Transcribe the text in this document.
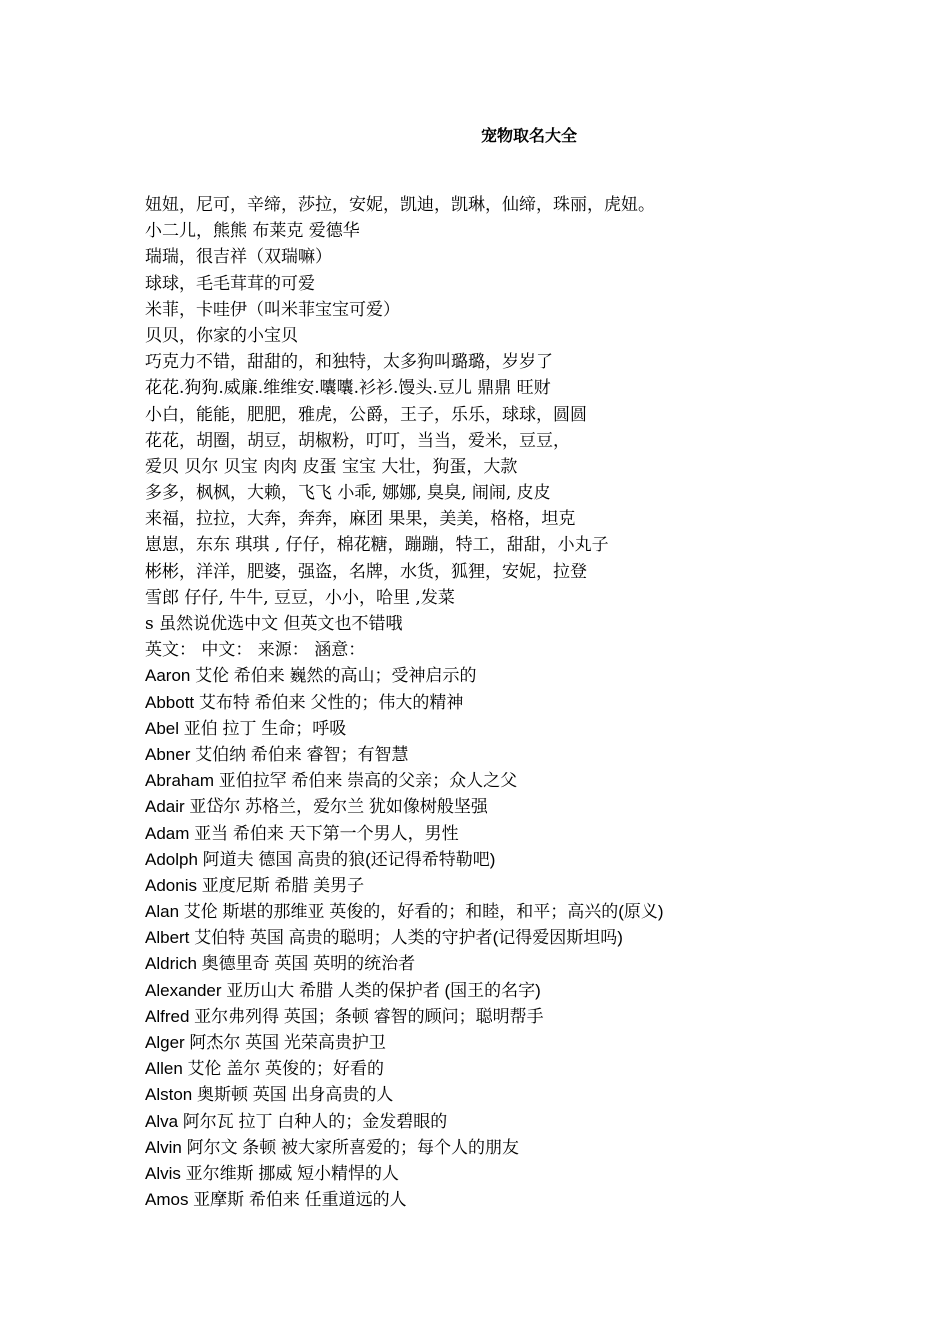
宠物取名大全
妞妞，尼可，辛缔，莎拉，安妮，凯迪，凯琳，仙缔，珠丽，虎妞。
小二儿，熊熊 布莱克 爱德华
瑞瑞，很吉祥（双瑞嘛）
球球，毛毛茸茸的可爱
米菲，卡哇伊（叫米菲宝宝可爱）
贝贝，你家的小宝贝
巧克力不错，甜甜的，和独特，太多狗叫璐璐，岁岁了
花花.狗狗.威廉.维维安.囔囔.衫衫.馒头.豆儿 鼎鼎 旺财
小白，能能，肥肥，雅虎，公爵，王子，乐乐，球球，圆圆
花花，胡圈，胡豆，胡椒粉，叮叮，当当，爱米，豆豆，
爱贝 贝尔 贝宝 肉肉 皮蛋 宝宝 大壮，狗蛋，大款
多多，枫枫，大赖，飞飞 小乖, 娜娜, 臭臭, 闹闹, 皮皮
来福，拉拉，大奔，奔奔，麻团 果果，美美，格格，坦克
崽崽，东东 琪琪 , 仔仔，棉花糖，蹦蹦，特工，甜甜，小丸子
彬彬，洋洋，肥婆，强盗，名牌，水货，狐狸，安妮，拉登
雪郎 仔仔, 牛牛, 豆豆，小小，哈里 ,发菜
s 虽然说优选中文 但英文也不错哦
英文： 中文： 来源： 涵意：
Aaron 艾伦 希伯来 巍然的高山；受神启示的
Abbott 艾布特 希伯来 父性的；伟大的精神
Abel 亚伯 拉丁 生命；呼吸
Abner 艾伯纳 希伯来 睿智；有智慧
Abraham 亚伯拉罕 希伯来 崇高的父亲；众人之父
Adair 亚岱尔 苏格兰，爱尔兰 犹如像树般坚强
Adam 亚当 希伯来 天下第一个男人，男性
Adolph 阿道夫 德国 高贵的狼(还记得希特勒吧)
Adonis 亚度尼斯 希腊 美男子
Alan 艾伦 斯堪的那维亚 英俊的，好看的；和睦，和平；高兴的(原义)
Albert 艾伯特 英国 高贵的聪明；人类的守护者(记得爱因斯坦吗)
Aldrich 奥德里奇 英国 英明的统治者
Alexander 亚历山大 希腊 人类的保护者 (国王的名字)
Alfred 亚尔弗列得 英国；条顿 睿智的顾问；聪明帮手
Alger 阿杰尔 英国 光荣高贵护卫
Allen 艾伦 盖尔 英俊的；好看的
Alston 奥斯顿 英国 出身高贵的人
Alva 阿尔瓦 拉丁 白种人的；金发碧眼的
Alvin 阿尔文 条顿 被大家所喜爱的；每个人的朋友
Alvis 亚尔维斯 挪威 短小精悍的人
Amos 亚摩斯 希伯来 任重道远的人
